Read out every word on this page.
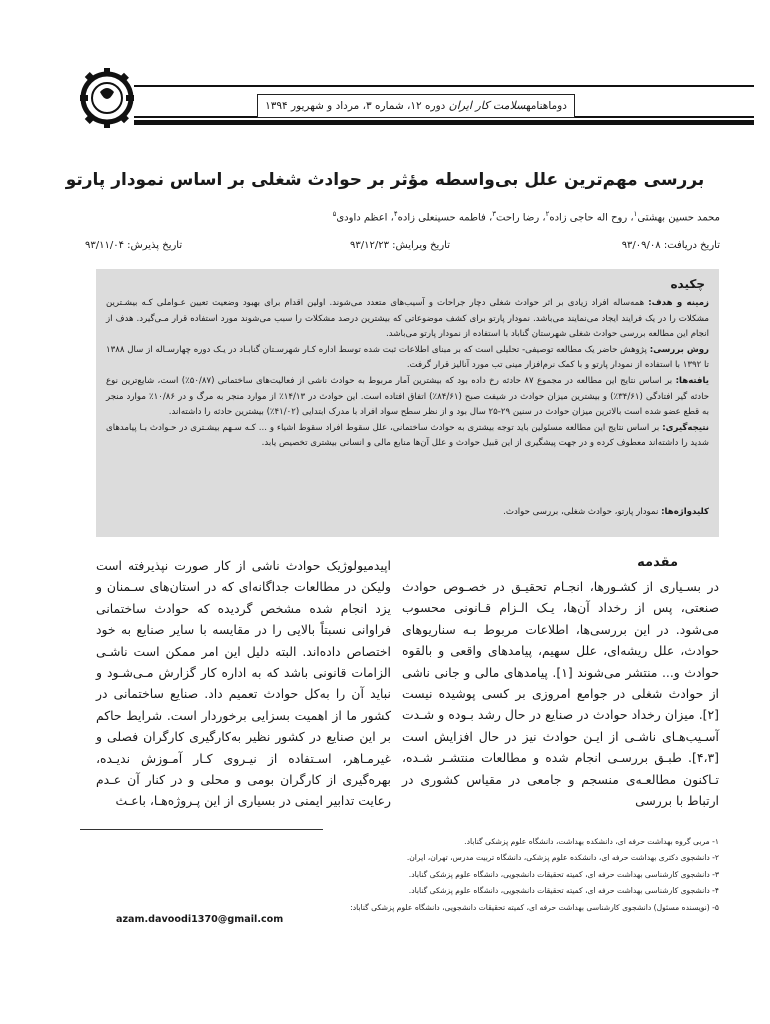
دوماهنامهسلامت کار ایران دوره ۱۲، شماره ۳، مرداد و شهریور ۱۳۹۴
بررسی مهم‌ترین علل بی‌واسطه مؤثر بر حوادث شغلی بر اساس نمودار پارتو
محمد حسین بهشتی$^۱$، روح اله حاجی زاده$^۲$، رضا راحت$^۳$، فاطمه حسینعلی زاده$^۴$، اعظم داودی$^۵$
تاریخ دریافت: ۹۳/۰۹/۰۸
تاریخ ویرایش: ۹۳/۱۲/۲۳
تاریخ پذیرش: ۹۳/۱۱/۰۴
چکیده

زمینه و هدف: همه‌ساله افراد زیادی بر اثر حوادث شغلی دچار جراحات و آسیب‌های متعدد می‌شوند. اولین اقدام برای بهبود وضعیت تعیین عـواملی کـه بیشـترین مشکلات را در یک فرایند ایجاد می‌نمایند می‌باشد. نمودار پارتو برای کشف موضوعاتی که بیشترین درصد مشکلات را سبب می‌شوند مورد استفاده قرار مـی‌گیرد. هدف از انجام این مطالعه بررسی حوادث شغلی شهرستان گناباد با استفاده از نمودار پارتو می‌باشد.

روش بررسی: پژوهش حاضر یک مطالعه توصیفی- تحلیلی است که بر مبنای اطلاعات ثبت شده توسط اداره کـار شهرسـتان گنابـاد در یـک دوره چهارسـاله از سال ۱۳۸۸ تا ۱۳۹۲ با استفاده از نمودار پارتو و با کمک نرم‌افزار مینی تب مورد آنالیز قرار گرفت.

یافته‌ها: بر اساس نتایج این مطالعه در مجموع ۸۷ حادثه رخ داده بود که بیشترین آمار مربوط به حوادث ناشی از فعالیت‌های ساختمانی (۵۰/۸۷٪) است، شایع‌ترین نوع حادثه گیر افتادگی (۳۴/۶۱٪) و بیشترین میزان حوادث در شیفت صبح (۸۴/۶۱٪) اتفاق افتاده است. این حوادث در ۱۴/۱۳٪ از موارد منجر به مرگ و در ۱۰/۸۶٪ موارد منجر به قطع عضو شده است بالاترین میزان حوادث در سنین ۲۹-۲۵ سال بود و از نظر سطح سواد افراد با مدرک ابتدایی (۴۱/۰۲٪) بیشترین حادثه را داشته‌اند.

نتیجه‌گیری: بر اساس نتایج این مطالعه مسئولین باید توجه بیشتری به حوادث ساختمانی، علل سقوط افراد سقوط اشیاء و ... کـه سـهم بیشـتری در حـوادث بـا پیامدهای شدید را داشته‌اند معطوف کرده و در جهت پیشگیری از این قبیل حوادث و علل آن‌ها منابع مالی و انسانی بیشتری تخصیص یابد.

کلیدواژه‌ها: نمودار پارتو، حوادث شغلی، بررسی حوادث.
مقدمه
در بسـیاری از کشـورها، انجـام تحقیـق در خصـوص حوادث صنعتی، پس از رخداد آن‌ها، یـک الـزام قـانونی محسوب می‌شود. در این بررسی‌ها، اطلاعات مربوط بـه سناریوهای حوادث، علل ریشه‌ای، علل سهیم، پیامدهای واقعی و بالقوه حوادث و... منتشر می‌شوند [۱]. پیامدهای مالی و جانی ناشی از حوادث شغلی در جوامع امروزی بر کسی پوشیده نیست [۲]. میزان رخداد حوادث در صنایع در حال رشد بـوده و شـدت آسـیب‌هـای ناشـی از ایـن حوادث نیز در حال افزایش است [۴،۳]. طبـق بررسـی انجام شده و مطالعات منتشـر شـده، تـاکنون مطالعـه‌ی منسجم و جامعی در مقیاس کشوری در ارتباط با بررسی
اپیدمیولوژیک حوادث ناشی از کار صورت نپذیرفته است ولیکن در مطالعات جداگانه‌ای که در استان‌های سـمنان و یزد انجام شده مشخص گردیده که حوادث ساختمانی فراوانی نسبتاً بالایی را در مقایسه با سایر صنایع به خود اختصاص داده‌اند. البته دلیل این امر ممکن است ناشـی الزامات قانونی باشد که به اداره کار گزارش مـی‌شـود و نباید آن را به‌کل حوادث تعمیم داد. صنایع ساختمانی در کشور ما از اهمیت بسزایی برخوردار است. شرایط حاکم بر این صنایع در کشور نظیر به‌کارگیری کارگران فصلی و غیرمـاهر، اسـتفاده از نیـروی کـار آمـوزش ندیـده، بهره‌گیری از کارگران بومی و محلی و در کنار آن عـدم رعایت تدابیر ایمنی در بسیاری از این پـروژه‌هـا، باعـث

۱- مربی گروه بهداشت حرفه ای، دانشکده بهداشت، دانشگاه علوم پزشکی گناباد.

۲- دانشجوی دکتری بهداشت حرفه ای، دانشکده علوم پزشکی، دانشگاه تربیت مدرس، تهران، ایران.

۳- دانشجوی کارشناسی بهداشت حرفه ای، کمیته تحقیقات دانشجویی، دانشگاه علوم پزشکی گناباد.

۴- دانشجوی کارشناسی بهداشت حرفه ای، کمیته تحقیقات دانشجویی، دانشگاه علوم پزشکی گناباد.

۵- (نویسنده مسئول) دانشجوی کارشناسی بهداشت حرفه ای، کمیته تحقیقات دانشجویی، دانشگاه علوم پزشکی گناباد:

azam.davoodi1370@gmail.com
